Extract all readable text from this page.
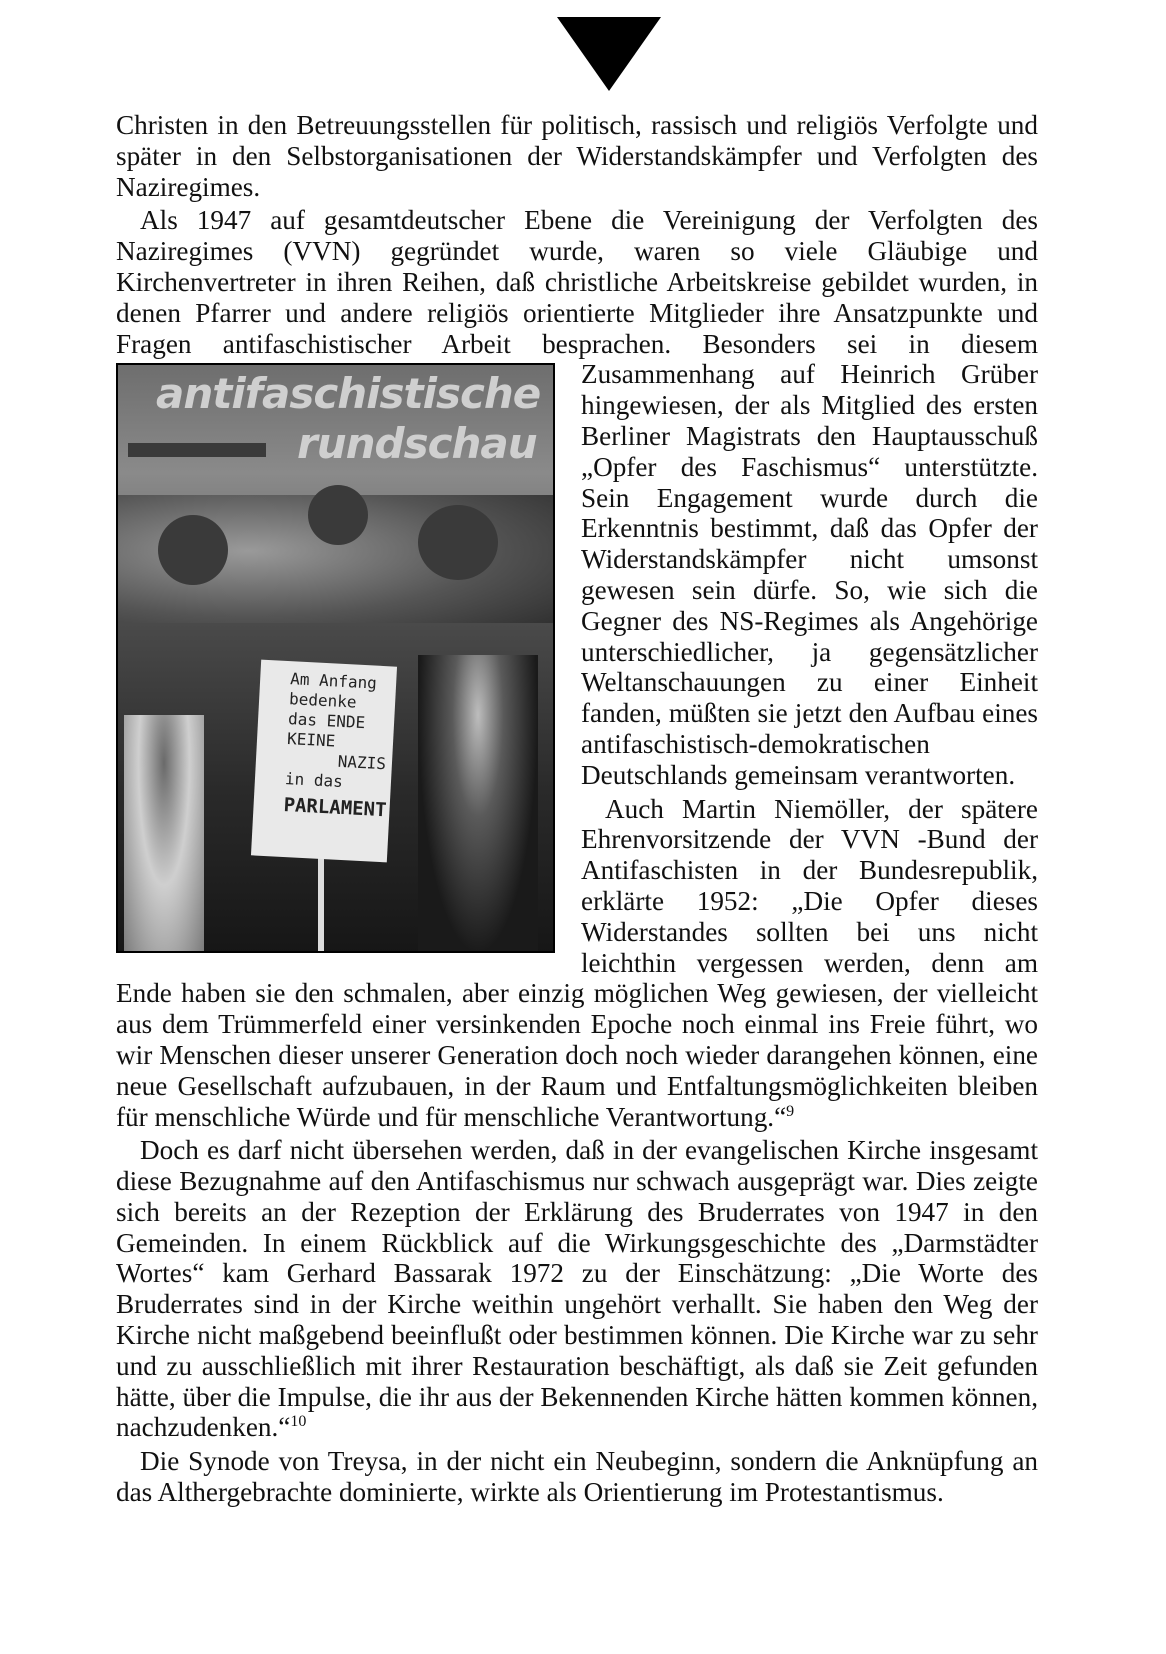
Christen in den Betreuungsstellen für politisch, rassisch und religiös Verfolgte und später in den Selbstorganisationen der Widerstandskämpfer und Verfolgten des Naziregimes.

Als 1947 auf gesamtdeutscher Ebene die Vereinigung der Verfolgten des Naziregimes (VVN) gegründet wurde, waren so viele Gläubige und Kirchenvertreter in ihren Reihen, daß christliche Arbeitskreise gebildet wurden, in denen Pfarrer und andere religiös orientierte Mitglieder ihre Ansatzpunkte und Fragen antifaschistischer Arbeit besprachen.
antifaschistische
rundschau
Am Anfang
bedenke
das ENDE
KEINE
NAZIS
in das
PARLAMENT
Besonders sei in diesem Zusammenhang auf Heinrich Grüber hingewiesen, der als Mitglied des ersten Berliner Magistrats den Hauptausschuß „Opfer des Faschismus“ unterstützte. Sein Engagement wurde durch die Erkenntnis bestimmt, daß das Opfer der Widerstandskämpfer nicht umsonst gewesen sein dürfe. So, wie sich die Gegner des NS-Regimes als Angehörige unterschiedlicher, ja gegensätzlicher Weltanschauungen zu einer Einheit fanden, müßten sie jetzt den Aufbau eines antifaschistisch-demokratischen Deutschlands gemeinsam verantworten.

Auch Martin Niemöller, der spätere Ehrenvorsitzende der VVN -Bund der Antifaschisten in der Bundesrepublik, erklärte 1952: „Die Opfer dieses Widerstandes sollten bei uns nicht leichthin vergessen werden, denn am Ende haben sie den schmalen, aber einzig möglichen Weg gewiesen, der vielleicht aus dem Trümmerfeld einer versinkenden Epoche noch einmal ins Freie führt, wo wir Menschen dieser unserer Generation doch noch wieder darangehen können, eine neue Gesellschaft aufzubauen, in der Raum und Entfaltungsmöglichkeiten bleiben für menschliche Würde und für menschliche Verantwortung.“$^9$

Doch es darf nicht übersehen werden, daß in der evangelischen Kirche insgesamt diese Bezugnahme auf den Antifaschismus nur schwach ausgeprägt war. Dies zeigte sich bereits an der Rezeption der Erklärung des Bruderrates von 1947 in den Gemeinden. In einem Rückblick auf die Wirkungsgeschichte des „Darmstädter Wortes“ kam Gerhard Bassarak 1972 zu der Einschätzung: „Die Worte des Bruderrates sind in der Kirche weithin ungehört verhallt. Sie haben den Weg der Kirche nicht maßgebend beeinflußt oder bestimmen können. Die Kirche war zu sehr und zu ausschließlich mit ihrer Restauration beschäftigt, als daß sie Zeit gefunden hätte, über die Impulse, die ihr aus der Bekennenden Kirche hätten kommen können, nachzudenken.“$^{10}$

Die Synode von Treysa, in der nicht ein Neubeginn, sondern die Anknüpfung an das Althergebrachte dominierte, wirkte als Orientierung im Protestantismus.
